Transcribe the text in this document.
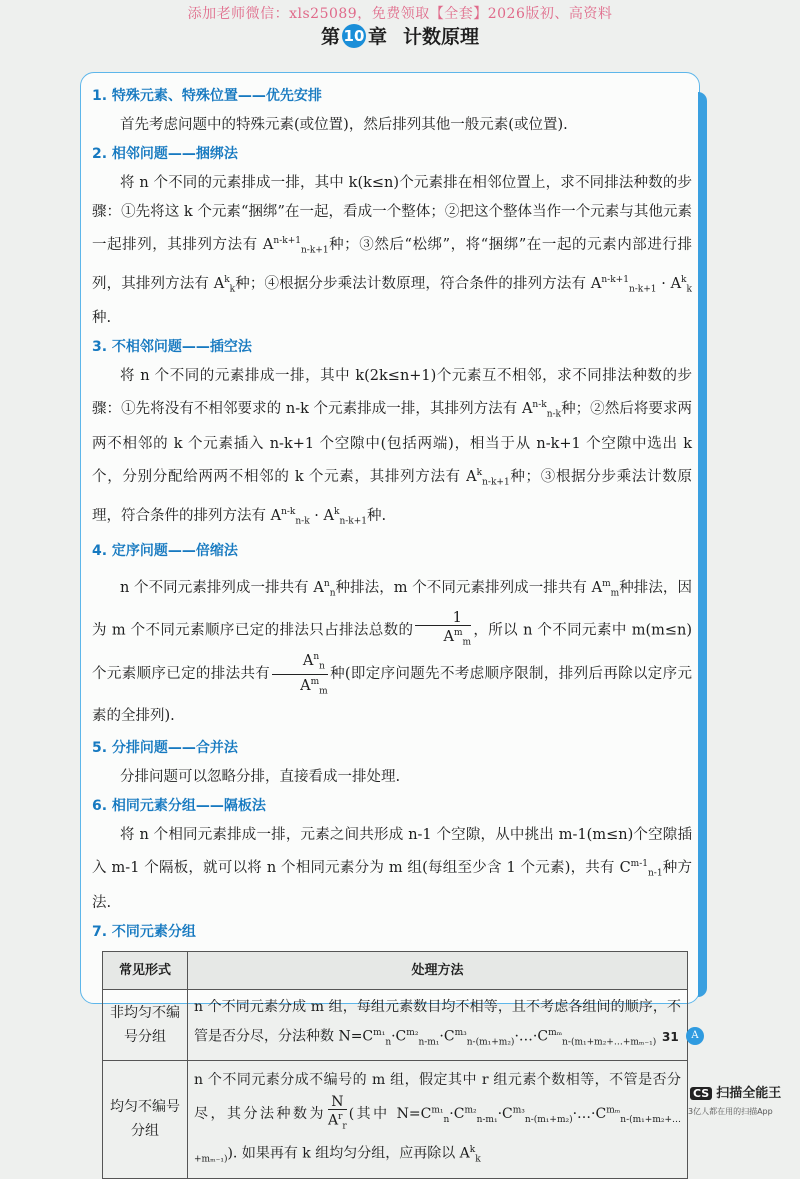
添加老师微信：xls25089，免费领取【全套】2026版初、高资料
第 10 章 计数原理

1. 特殊元素、特殊位置——优先安排

首先考虑问题中的特殊元素(或位置)，然后排列其他一般元素(或位置).

2. 相邻问题——捆绑法

将 n 个不同的元素排成一排，其中 k(k≤n)个元素排在相邻位置上，求不同排法种数的步骤：①先将这 k 个元素“捆绑”在一起，看成一个整体；②把这个整体当作一个元素与其他元素一起排列，其排列方法有 $A^{n-k+1}_{n-k+1}$种；③然后“松绑”，将“捆绑”在一起的元素内部进行排列，其排列方法有 $A^k_k$种；④根据分步乘法计数原理，符合条件的排列方法有 $A^{n-k+1}_{n-k+1} \cdot A^k_k$种.

3. 不相邻问题——插空法

将 n 个不同的元素排成一排，其中 k(2k≤n+1)个元素互不相邻，求不同排法种数的步骤：①先将没有不相邻要求的 n-k 个元素排成一排，其排列方法有 $A^{n-k}_{n-k}$种；②然后将要求两两不相邻的 k 个元素插入 n-k+1 个空隙中(包括两端)，相当于从 n-k+1 个空隙中选出 k 个，分别分配给两两不相邻的 k 个元素，其排列方法有 $A^k_{n-k+1}$种；③根据分步乘法计数原理，符合条件的排列方法有 $A^{n-k}_{n-k} \cdot A^k_{n-k+1}$种.

4. 定序问题——倍缩法

n 个不同元素排列成一排共有 $A^n_n$种排法，m 个不同元素排列成一排共有 $A^m_m$种排法，因为 m 个不同元素顺序已定的排法只占排法总数的 $\frac{1}{A^m_m}$ ，所以 n 个不同元素中 m(m≤n)个元素顺序已定的排法共有 $\frac{A^n_n}{A^m_m}$ 种(即定序问题先不考虑顺序限制，排列后再除以定序元素的全排列).

5. 分排问题——合并法

分排问题可以忽略分排，直接看成一排处理.

6. 相同元素分组——隔板法

将 n 个相同元素排成一排，元素之间共形成 n-1 个空隙，从中挑出 m-1(m≤n)个空隙插入 m-1 个隔板，就可以将 n 个相同元素分为 m 组(每组至少含 1 个元素)，共有 $C^{m-1}_{n-1}$种方法.

7. 不同元素分组

常见形式	处理方法
非均匀不编号分组	n 个不同元素分成 m 组，每组元素数目均不相等，且不考虑各组间的顺序，不管是否分尽，分法种数 $N=C^{m_1}_n\cdot C^{m_2}_{n-m_1}\cdot C^{m_3}_{n-(m_1+m_2)}\cdot\dots\cdot C^{m_m}_{n-(m_1+m_2+\dots+m_{m-1})}$
均匀不编号分组	n 个不同元素分成不编号的 m 组，假定其中 r 组元素个数相等，不管是否分尽，其分法种数为 $\frac{N}{A^r_r}$ (其中 $N=C^{m_1}_n\cdot C^{m_2}_{n-m_1}\cdot C^{m_3}_{n-(m_1+m_2)}\cdot\dots\cdot C^{m_m}_{n-(m_1+m_2+\dots+m_{m-1})}$). 如果再有 k 组均匀分组，应再除以 $A^k_k$
31	A
CS 扫描全能王
3亿人都在用的扫描App
